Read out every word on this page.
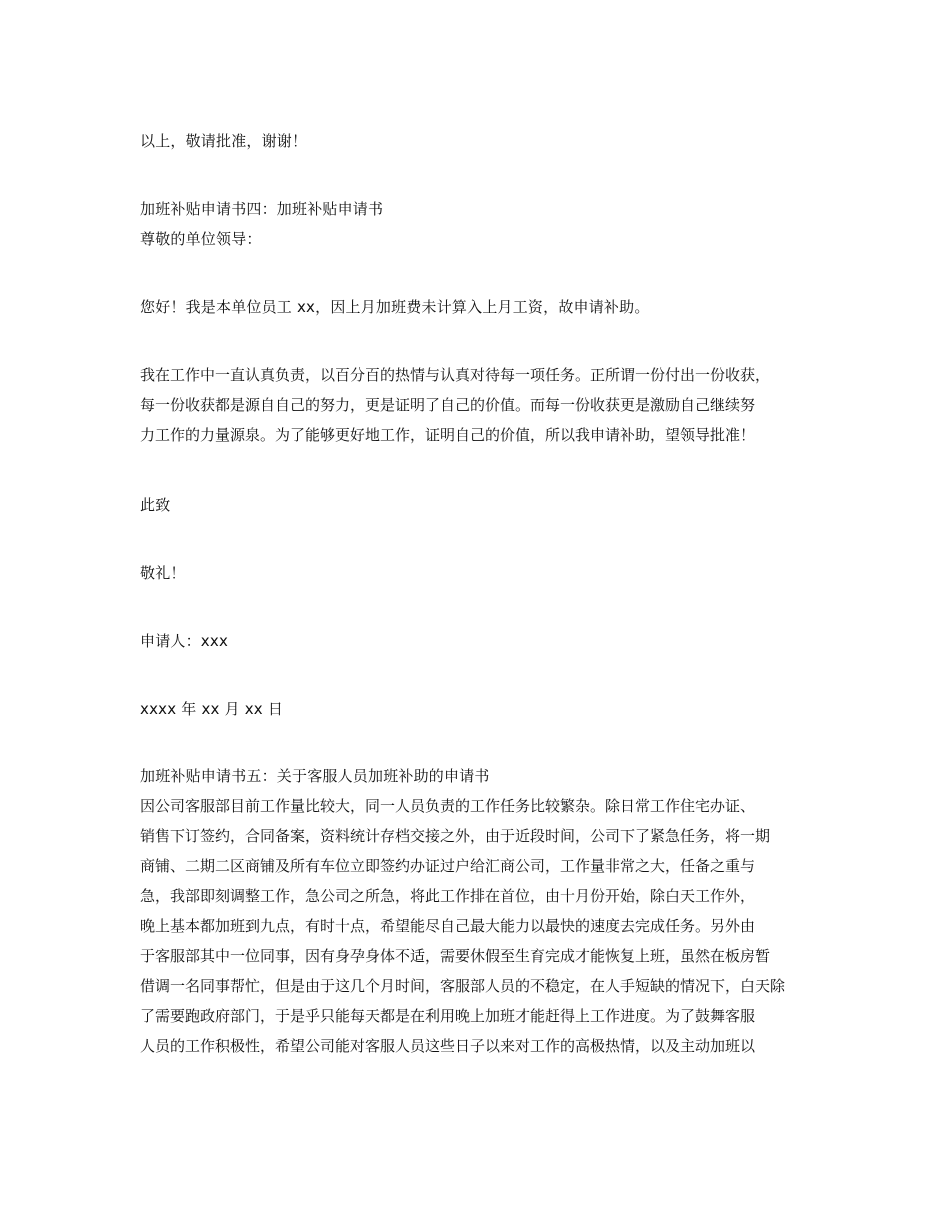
以上，敬请批准，谢谢！
加班补贴申请书四：加班补贴申请书
尊敬的单位领导：
您好！我是本单位员工 xx，因上月加班费未计算入上月工资，故申请补助。
我在工作中一直认真负责，以百分百的热情与认真对待每一项任务。正所谓一份付出一份收获，
每一份收获都是源自自己的努力，更是证明了自己的价值。而每一份收获更是激励自己继续努
力工作的力量源泉。为了能够更好地工作，证明自己的价值，所以我申请补助，望领导批准！
此致
敬礼！
申请人：xxx
xxxx 年 xx 月 xx 日
加班补贴申请书五：关于客服人员加班补助的申请书
因公司客服部目前工作量比较大，同一人员负责的工作任务比较繁杂。除日常工作住宅办证、
销售下订签约，合同备案，资料统计存档交接之外，由于近段时间，公司下了紧急任务，将一期
商铺、二期二区商铺及所有车位立即签约办证过户给汇商公司，工作量非常之大，任备之重与
急，我部即刻调整工作，急公司之所急，将此工作排在首位，由十月份开始，除白天工作外，
晚上基本都加班到九点，有时十点，希望能尽自己最大能力以最快的速度去完成任务。另外由
于客服部其中一位同事，因有身孕身体不适，需要休假至生育完成才能恢复上班，虽然在板房暂
借调一名同事帮忙，但是由于这几个月时间，客服部人员的不稳定，在人手短缺的情况下，白天除
了需要跑政府部门，于是乎只能每天都是在利用晚上加班才能赶得上工作进度。为了鼓舞客服
人员的工作积极性，希望公司能对客服人员这些日子以来对工作的高极热情，以及主动加班以
